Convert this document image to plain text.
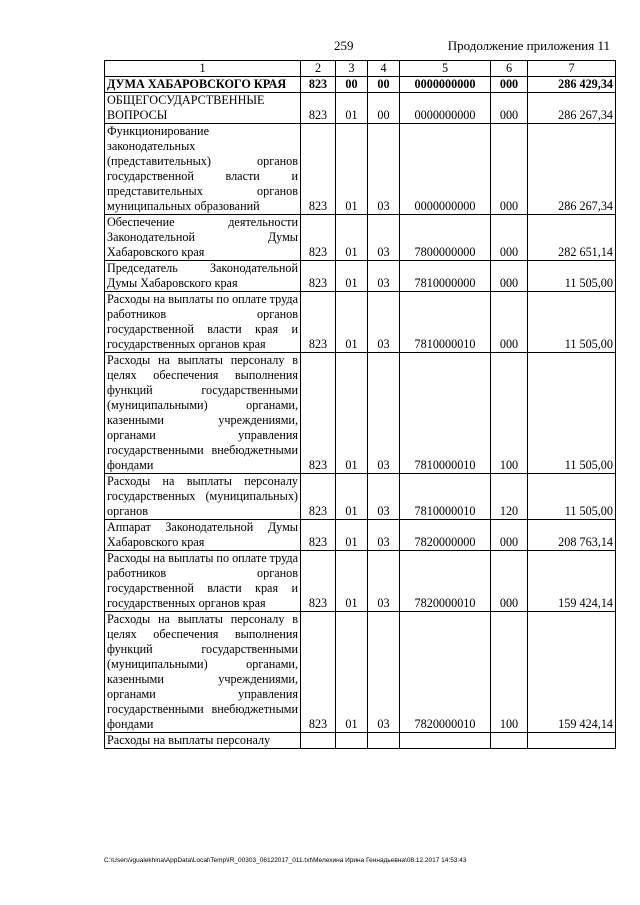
259	Продолжение приложения 11
1	2	3	4	5	6	7
ДУМА ХАБАРОВСКОГО КРАЯ	823	00	00	0000000000	000	286 429,34
ОБЩЕГОСУДАРСТВЕННЫЕ ВОПРОСЫ	823	01	00	0000000000	000	286 267,34
Функционирование законодательных (представительных) органов государственной власти и представительных органов муниципальных образований	823	01	03	0000000000	000	286 267,34
Обеспечение деятельности Законодательной Думы Хабаровского края	823	01	03	7800000000	000	282 651,14
Председатель Законодательной Думы Хабаровского края	823	01	03	7810000000	000	11 505,00
Расходы на выплаты по оплате труда работников органов государственной власти края и государственных органов края	823	01	03	7810000010	000	11 505,00
Расходы на выплаты персоналу в целях обеспечения выполнения функций государственными (муниципальными) органами, казенными учреждениями, органами управления государственными внебюджетными фондами	823	01	03	7810000010	100	11 505,00
Расходы на выплаты персоналу государственных (муниципальных) органов	823	01	03	7810000010	120	11 505,00
Аппарат Законодательной Думы Хабаровского края	823	01	03	7820000000	000	208 763,14
Расходы на выплаты по оплате труда работников органов государственной власти края и государственных органов края	823	01	03	7820000010	000	159 424,14
Расходы на выплаты персоналу в целях обеспечения выполнения функций государственными (муниципальными) органами, казенными учреждениями, органами управления государственными внебюджетными фондами	823	01	03	7820000010	100	159 424,14
Расходы на выплаты персоналу						
C:\Users\igualekhina\AppData\Local\Temp\IR_00303_06122017_011.txt\Мелехина Ирина Геннадьевна\08.12.2017 14:53:43
